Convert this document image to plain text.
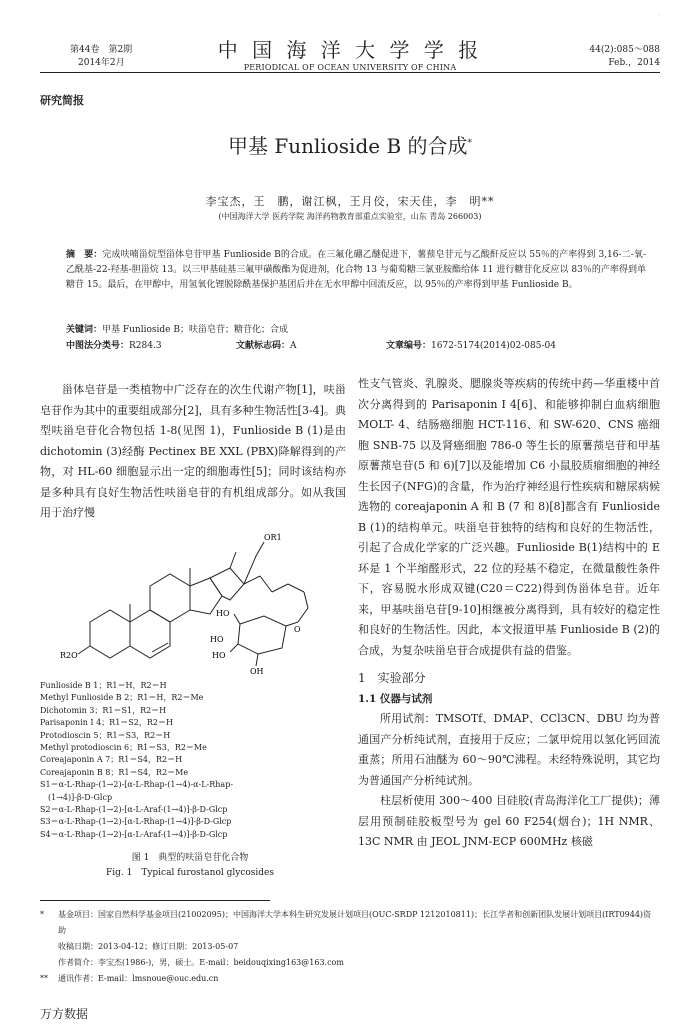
·
第44卷　第2期
2014年2月
中 国 海 洋 大 学 学 报
PERIODICAL OF OCEAN UNIVERSITY OF CHINA
44(2):085～088
Feb.，2014
研究简报
甲基 Funlioside B 的合成*
李宝杰，王　鹏，谢江枫，王月佼，宋天佳，李　明**
(中国海洋大学 医药学院 海洋药物教育部重点实验室，山东 青岛 266003)
摘　要：完成呋喃甾烷型甾体皂苷甲基 Funlioside B的合成。在三氟化硼乙醚促进下，薯蓣皂苷元与乙酸酐反应以 55％的产率得到 3,16-二-氧-乙酰基-22-羟基-胆甾烷 13。以三甲基硅基三氟甲磺酸酯为促进剂，化合物 13 与葡萄糖三氯亚胺酯给体 11 进行糖苷化反应以 83％的产率得到单糖苷 15。最后，在甲醇中，用氢氧化锂脱除酰基保护基团后并在无水甲醇中回流反应，以 95％的产率得到甲基 Funlioside B。
关键词：甲基 Funlioside B；呋甾皂苷；糖苷化；合成
中图法分类号：R284.3	文献标志码：A	文章编号：1672-5174(2014)02-085-04
甾体皂苷是一类植物中广泛存在的次生代谢产物[1]，呋甾皂苷作为其中的重要组成部分[2]，具有多种生物活性[3-4]。典型呋甾皂苷化合物包括 1-8(见图 1)，Funlioside B (1)是由 dichotomin (3)经酶 Pectinex BE XXL (PBX)降解得到的产物，对 HL-60 细胞显示出一定的细胞毒性[5]；同时该结构亦是多种具有良好生物活性呋甾皂苷的有机组成部分。如从我国用于治疗慢
OR1
R2O
HO
HO
HO
OH
O
Funlioside B 1；R1＝H，R2＝H
Methyl Funlioside B 2；R1＝H，R2＝Me
Dichotomin 3；R1＝S1，R2＝H
Parisaponin I 4；R1＝S2，R2＝H
Protodioscin 5；R1＝S3，R2＝H
Methyl protodioscin 6；R1＝S3，R2＝Me
Coreajaponin A 7；R1＝S4，R2＝H
Coreajaponin B 8；R1＝S4，R2＝Me
S1＝α-L-Rhap-(1→2)-[α-L-Rhap-(1→4)-α-L-Rhap-
　(1→4)]-β-D-Glcp
S2＝α-L-Rhap-(1→2)-[α-L-Araf-(1→4)]-β-D-Glcp
S3＝α-L-Rhap-(1→2)-[α-L-Rhap-(1→4)]-β-D-Glcp
S4＝α-L-Rhap-(1→2)-[α-L-Araf-(1→4)]-β-D-Glcp
图 1　典型的呋甾皂苷化合物
Fig. 1　Typical furostanol glycosides
性支气管炎、乳腺炎、腮腺炎等疾病的传统中药—华重楼中首次分离得到的 Parisaponin I 4[6]、和能够抑制白血病细胞 MOLT- 4、结肠癌细胞 HCT-116、和 SW-620、CNS 癌细胞 SNB-75 以及肾癌细胞 786-0 等生长的原薯蓣皂苷和甲基原薯蓣皂苷(5 和 6)[7]以及能增加 C6 小鼠胶质瘤细胞的神经生长因子(NFG)的含量，作为治疗神经退行性疾病和糖尿病候选物的 coreajaponin A 和 B (7 和 8)[8]都含有 Funlioside B (1)的结构单元。呋甾皂苷独特的结构和良好的生物活性，引起了合成化学家的广泛兴趣。Funlioside B(1)结构中的 E 环是 1 个半缩醛形式，22 位的羟基不稳定，在微量酸性条件下，容易脱水形成双键(C20＝C22)得到伪甾体皂苷。近年来，甲基呋甾皂苷[9-10]相继被分离得到，具有较好的稳定性和良好的生物活性。因此，本文报道甲基 Funlioside B (2)的合成，为复杂呋甾皂苷合成提供有益的借鉴。
1　实验部分
1.1 仪器与试剂
所用试剂：TMSOTf、DMAP、CCl3CN、DBU 均为普通国产分析纯试剂，直接用于反应；二氯甲烷用以氢化钙回流重蒸；所用石油醚为 60～90℃沸程。未经特殊说明，其它均为普通国产分析纯试剂。
柱层析使用 300～400 目硅胶(青岛海洋化工厂提供)；薄层用预制硅胶板型号为 gel 60 F254(烟台)；1H NMR、13C NMR 由 JEOL JNM-ECP 600MHz 核磁
* 基金项目：国家自然科学基金项目(21002095)；中国海洋大学本科生研究发展计划项目(OUC-SRDP 1212010811)；长江学者和创新团队发展计划项目(IRT0944)资助
收稿日期：2013-04-12；修订日期：2013-05-07
作者简介：李宝杰(1986-)，男，硕士。E-mail：beidouqixing163@163.com
** 通讯作者：E-mail：lmsnoue@ouc.edu.cn
万方数据
